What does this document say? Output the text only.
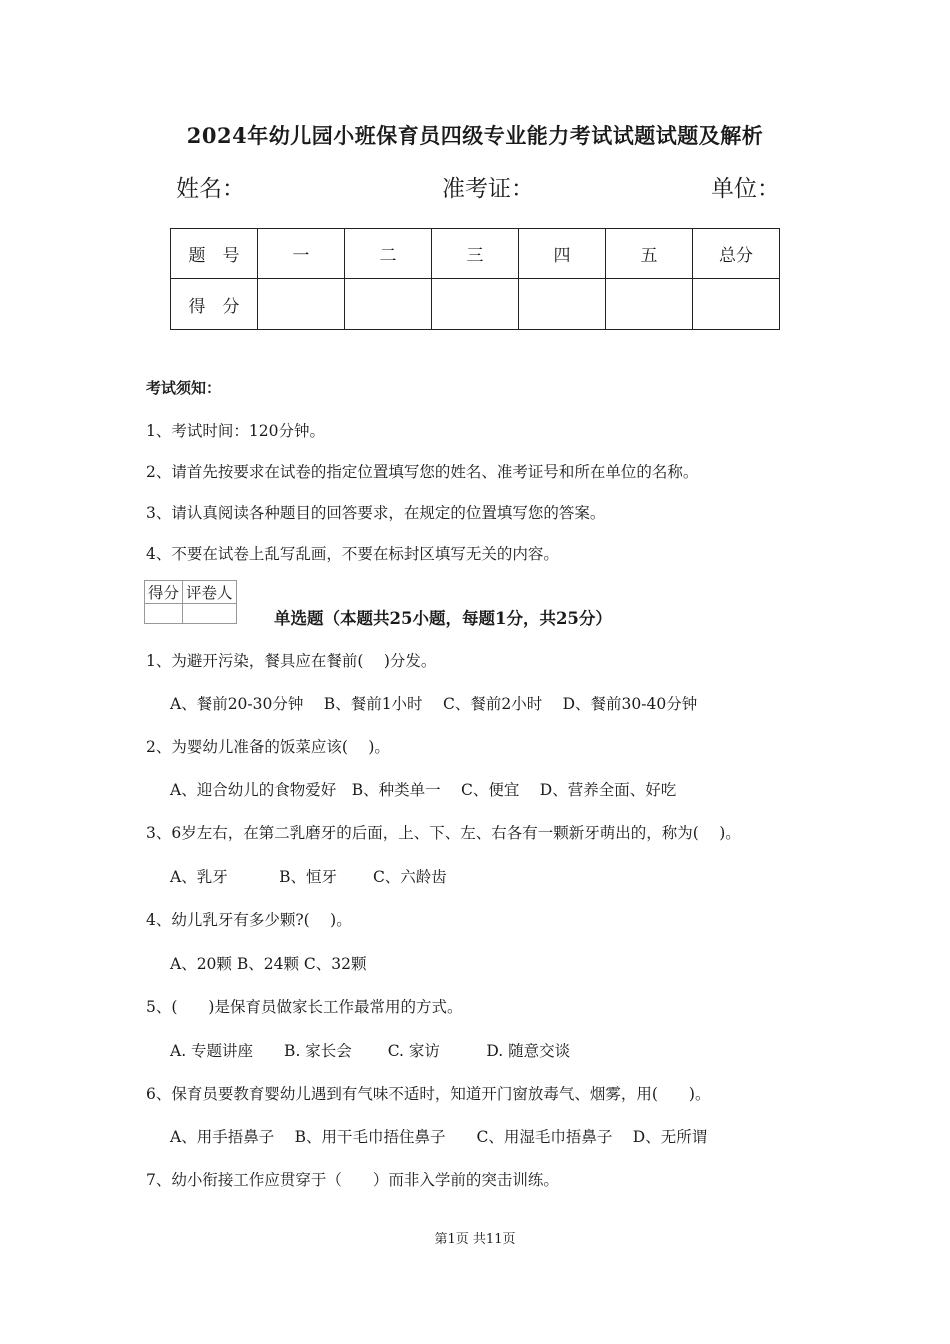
2024年幼儿园小班保育员四级专业能力考试试题试题及解析
姓名：	准考证：	单位：
题　号	一	二	三	四	五	总分
得　分						
考试须知：
1、考试时间：120分钟。
2、请首先按要求在试卷的指定位置填写您的姓名、准考证号和所在单位的名称。
3、请认真阅读各种题目的回答要求，在规定的位置填写您的答案。
4、不要在试卷上乱写乱画，不要在标封区填写无关的内容。
得分	评卷人

单选题（本题共25小题，每题1分，共25分）
1、为避开污染，餐具应在餐前(　 )分发。
A、餐前20-30分钟　 B、餐前1小时　 C、餐前2小时　 D、餐前30-40分钟
2、为婴幼儿准备的饭菜应该(　 )。
A、迎合幼儿的食物爱好　B、种类单一　 C、便宜　 D、营养全面、好吃
3、6岁左右，在第二乳磨牙的后面，上、下、左、右各有一颗新牙萌出的，称为(　 )。
A、乳牙　　　 B、恒牙　　 C、六龄齿
4、幼儿乳牙有多少颗?(　 )。
A、20颗 B、24颗 C、32颗
5、(　　)是保育员做家长工作最常用的方式。
A. 专题讲座　　B. 家长会　　 C. 家访　　　D. 随意交谈
6、保育员要教育婴幼儿遇到有气味不适时，知道开门窗放毒气、烟雾，用(　　)。
A、用手捂鼻子　 B、用干毛巾捂住鼻子　　C、用湿毛巾捂鼻子　 D、无所谓
7、幼小衔接工作应贯穿于（　　）而非入学前的突击训练。
第1页 共11页
